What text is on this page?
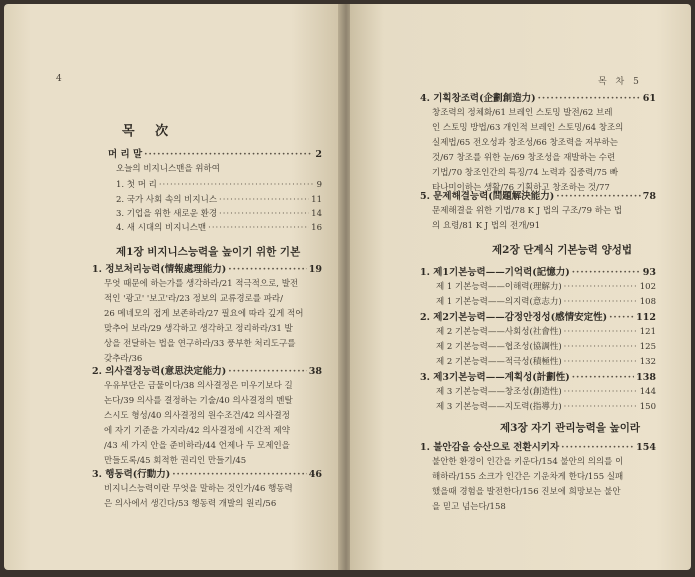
4
목 次
머 리 말 ·····	2
오늘의 비지니스맨을 위하여
1. 첫 머 리 ·····	9
2. 국가 사회 속의 비지니스 ·····	11
3. 기업을 위한 새로운 환경 ·····	14
4. 새 시대의 비지니스맨 ·····	16
제1장 비지니스능력을 높이기 위한 기본
1. 정보처리능력(情報處理能力) ·····	19
무엇 때문에 하는가를 생각하라/21 적극적으로, 발전
적인 '광고' '보고'라/23 정보의 교류경로를 파라/
26 메네모의 접게 보존하라/27 필요에 따라 깊게 적어
맞추어 보라/29 생각하고 생각하고 정리하라/31 발
상을 전달하는 법을 연구하라/33 풍부한 처리도구를
갖추라/36
2. 의사결정능력(意思決定能力) ·····	38
우유부단은 금물이다/38 의사결정은 미우기보다 길
논다/39 의사를 결정하는 기술/40 의사결정의 멘탈
스시도 형성/40 의사결정의 원수조건/42 의사결정
에 자기 기준을 가지라/42 의사결정에 시간적 제약
/43 세 가지 안을 준비하라/44 언제나 두 모제인을
만들도록/45 회적한 권리인 만들기/45
3. 행동력(行動力) ·····	46
비지니스능력이란 무엇을 말하는 것인가/46 행동력
은 의사에서 생긴다/53 행동력 개발의 원리/56
목 차 5
4. 기획창조력(企劃創造力) ·····	61
창조력의 정체화/61 브레인 스토밍 발전/62 브레
인 스토밍 방법/63 개인적 브레인 스토밍/64 창조의
실제법/65 전오성과 창조성/66 창조력을 저부하는
것/67 창조를 위한 눈/69 창조성을 재발하는 수련
기법/70 창조인간의 특징/74 노력과 집중력/75 빠
타나미이하는 생활/76 기획하고 창조하는 것/77
5. 문제해결능력(問題解決能力) ·····	78
문제해결을 위한 기법/78 K J 법의 구조/79 하는 법
의 요령/81 K J 법의 전개/91
제2장 단계식 기본능력 양성법
1. 제1기본능력——기억력(記憶力) ·····	93
제 1 기본능력——이해력(理解力) ·····	102
제 1 기본능력——의지력(意志力) ·····	108
2. 제2기본능력——감정안정성(感情安定性) ·····	112
제 2 기본능력——사회성(社會性) ·····	121
제 2 기본능력——협조성(協調性) ·····	125
제 2 기본능력——적극성(積極性) ·····	132
3. 제3기본능력——계획성(計劃性) ·····	138
제 3 기본능력——창조성(創造性) ·····	144
제 3 기본능력——지도력(指導力) ·····	150
제3장 자기 관리능력을 높이라
1. 불안감을 승산으로 전환시키자 ·····	154
불안한 환경이 인간을 키운다/154 불안의 의의를 이
해하라/155 소크가 인간은 기운차게 한다/155 실패
했을때 경험을 발전한다/156 진보에 희망보는 불안
을 믿고 넘는다/158
